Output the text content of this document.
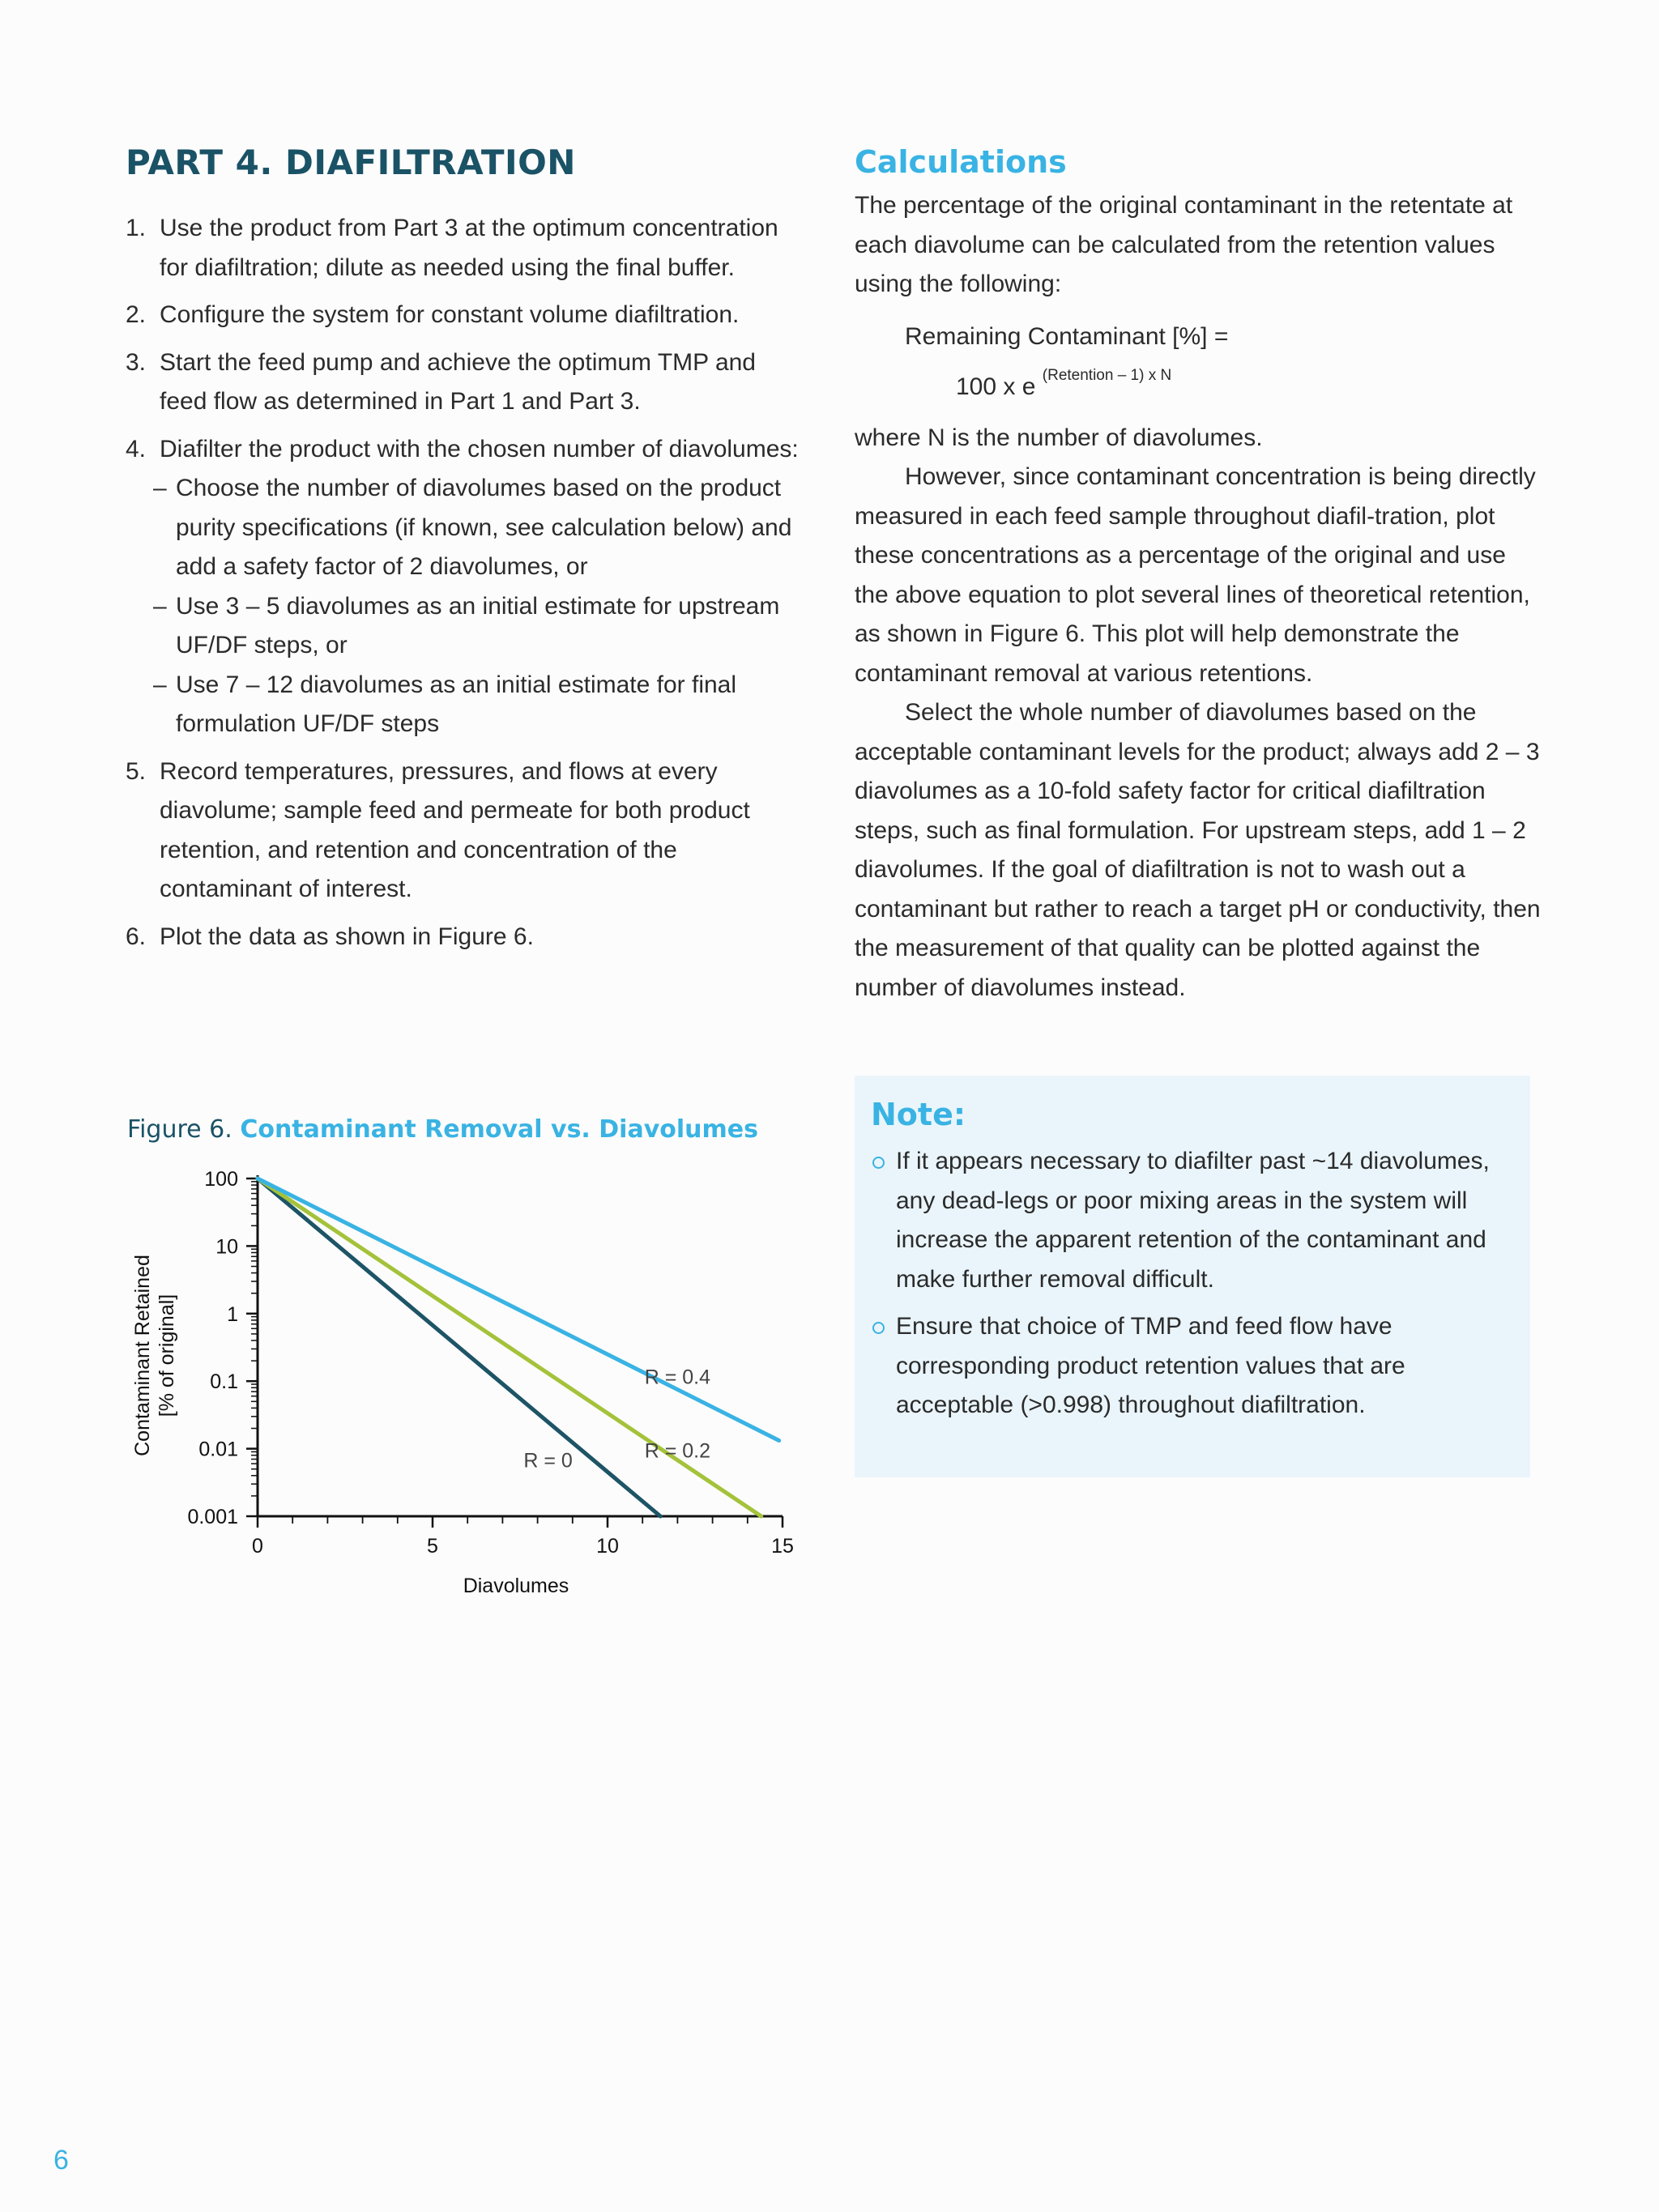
PART 4. DIAFILTRATION
1. Use the product from Part 3 at the optimum concentration for diafiltration; dilute as needed using the final buffer.
2. Configure the system for constant volume diafiltration.
3. Start the feed pump and achieve the optimum TMP and feed flow as determined in Part 1 and Part 3.
4. Diafilter the product with the chosen number of diavolumes:
– Choose the number of diavolumes based on the product purity specifications (if known, see calculation below) and add a safety factor of 2 diavolumes, or
– Use 3 – 5 diavolumes as an initial estimate for upstream UF/DF steps, or
– Use 7 – 12 diavolumes as an initial estimate for final formulation UF/DF steps
5. Record temperatures, pressures, and flows at every diavolume; sample feed and permeate for both product retention, and retention and concentration of the contaminant of interest.
6. Plot the data as shown in Figure 6.
Calculations

The percentage of the original contaminant in the retentate at each diavolume can be calculated from the retention values using the following:

Remaining Contaminant [%] =

100 x e $^{(Retention - 1) x N}$

where N is the number of diavolumes.

However, since contaminant concentration is being directly measured in each feed sample throughout diafil-tration, plot these concentrations as a percentage of the original and use the above equation to plot several lines of theoretical retention, as shown in Figure 6. This plot will help demonstrate the contaminant removal at various retentions.

Select the whole number of diavolumes based on the acceptable contaminant levels for the product; always add 2 – 3 diavolumes as a 10-fold safety factor for critical diafiltration steps, such as final formulation. For upstream steps, add 1 – 2 diavolumes. If the goal of diafiltration is not to wash out a contaminant but rather to reach a target pH or conductivity, then the measurement of that quality can be plotted against the number of diavolumes instead.

Note:
If it appears necessary to diafilter past ~14 diavolumes, any dead-legs or poor mixing areas in the system will increase the apparent retention of the contaminant and make further removal difficult.
Ensure that choice of TMP and feed flow have corresponding product retention values that are acceptable (>0.998) throughout diafiltration.
Figure 6. Contaminant Removal vs. Diavolumes
100
10
1
0.1
0.01
0.001
0	5	10	15
Diavolumes
Contaminant Retained [% of original]
R = 0	R = 0.2
R = 0.4
6
